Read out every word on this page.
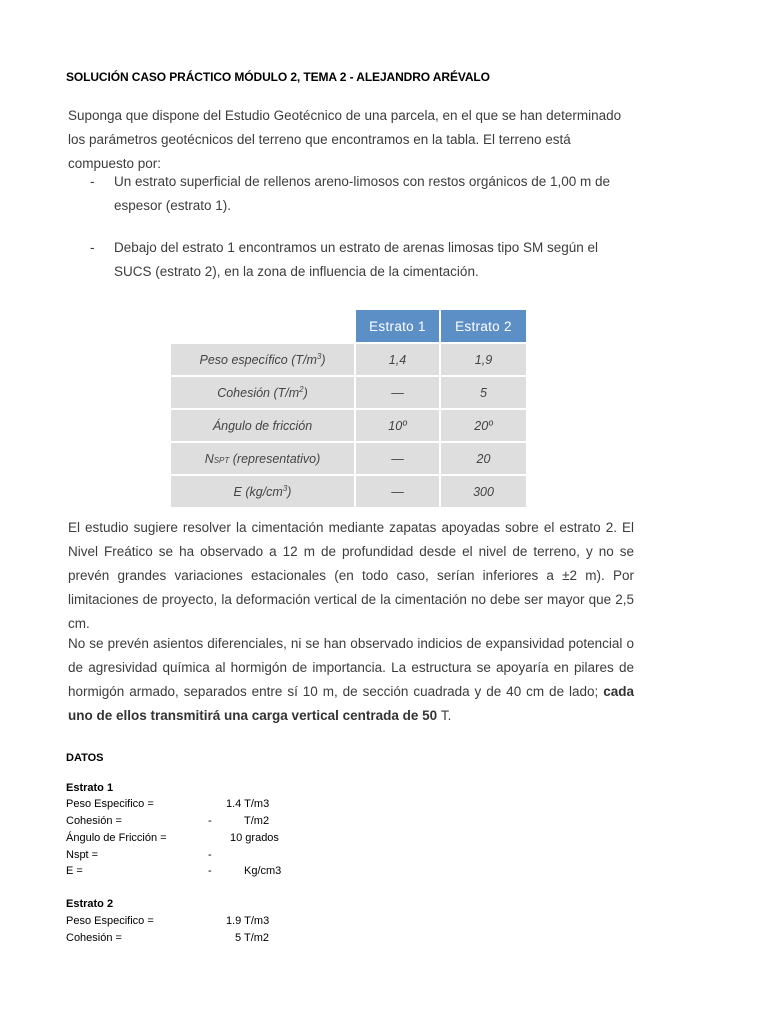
SOLUCIÓN CASO PRÁCTICO MÓDULO 2, TEMA 2 - ALEJANDRO ARÉVALO

Suponga que dispone del Estudio Geotécnico de una parcela, en el que se han determinado los parámetros geotécnicos del terreno que encontramos en la tabla. El terreno está compuesto por:

- Un estrato superficial de rellenos areno-limosos con restos orgánicos de 1,00 m de espesor (estrato 1).
- Debajo del estrato 1 encontramos un estrato de arenas limosas tipo SM según el SUCS (estrato 2), en la zona de influencia de la cimentación.
	Estrato 1	Estrato 2
Peso específico $(T/m^3)$	1,4	1,9
Cohesión $(T/m^2)$	—	5
Ángulo de fricción	10º	20º
NSPT (representativo)	—	20
E $(kg/cm^3)$	—	300

El estudio sugiere resolver la cimentación mediante zapatas apoyadas sobre el estrato 2. El Nivel Freático se ha observado a 12 m de profundidad desde el nivel de terreno, y no se prevén grandes variaciones estacionales (en todo caso, serían inferiores a ±2 m). Por limitaciones de proyecto, la deformación vertical de la cimentación no debe ser mayor que 2,5 cm.

No se prevén asientos diferenciales, ni se han observado indicios de expansividad potencial o de agresividad química al hormigón de importancia. La estructura se apoyaría en pilares de hormigón armado, separados entre sí 10 m, de sección cuadrada y de 40 cm de lado; cada uno de ellos transmitirá una carga vertical centrada de 50 T.

DATOS
Estrato 1
Peso Especifico =	1.4 T/m3
Cohesión =	-	T/m2
Ángulo de Fricción =	10 grados
Nspt =	-
E =	-	Kg/cm3
Estrato 2
Peso Especifico =	1.9 T/m3
Cohesión =	5 T/m2
